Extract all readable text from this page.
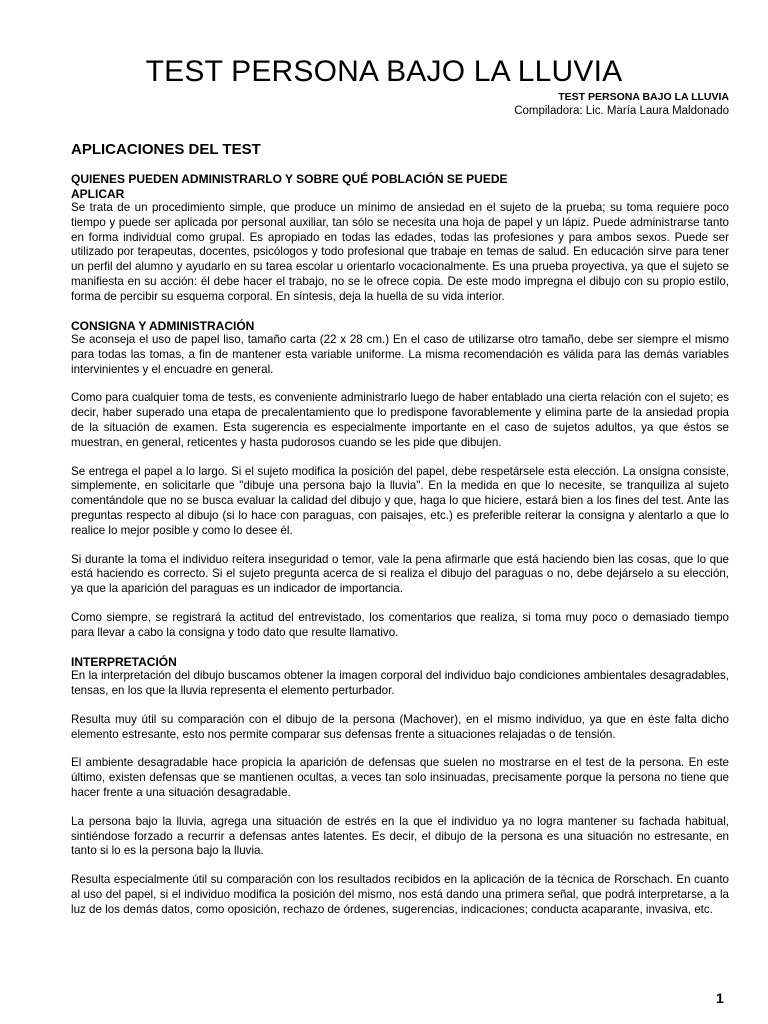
TEST PERSONA BAJO LA LLUVIA
TEST PERSONA BAJO LA LLUVIA
Compiladora: Lic. María Laura Maldonado
APLICACIONES DEL TEST
QUIENES PUEDEN ADMINISTRARLO Y SOBRE QUÉ POBLACIÓN SE PUEDE
APLICAR

Se trata de un procedimiento simple, que produce un mínimo de ansiedad en el sujeto de la prueba; su toma requiere poco tiempo y puede ser aplicada por personal auxiliar, tan sólo se necesita una hoja de papel y un lápiz. Puede administrarse tanto en forma individual como grupal. Es apropiado en todas las edades, todas las profesiones y para ambos sexos. Puede ser utilizado por terapeutas, docentes, psicólogos y todo profesional que trabaje en temas de salud. En educación sirve para tener un perfil del alumno y ayudarlo en su tarea escolar u orientarlo vocacionalmente. Es una prueba proyectiva, ya que el sujeto se manifiesta en su acción: él debe hacer el trabajo, no se le ofrece copia. De este modo impregna el dibujo con su propio estilo, forma de percibir su esquema corporal. En síntesis, deja la huella de su vida interior.

CONSIGNA Y ADMINISTRACIÓN

Se aconseja el uso de papel liso, tamaño carta (22 x 28 cm.) En el caso de utilizarse otro tamaño, debe ser siempre el mismo para todas las tomas, a fin de mantener esta variable uniforme. La misma recomendación es válida para las demás variables intervinientes y el encuadre en general.

Como para cualquier toma de tests, es conveniente administrarlo luego de haber entablado una cierta relación con el sujeto; es decir, haber superado una etapa de precalentamiento que lo predispone favorablemente y elimina parte de la ansiedad propia de la situación de examen. Esta sugerencia es especialmente importante en el caso de sujetos adultos, ya que éstos se muestran, en general, reticentes y hasta pudorosos cuando se les pide que dibujen.

Se entrega el papel a lo largo. Si el sujeto modifica la posición del papel, debe respetársele esta elección. La onsigna consiste, simplemente, en solicitarle que "dibuje una persona bajo la lluvia". En la medida en que lo necesite, se tranquiliza al sujeto comentándole que no se busca evaluar la calidad del dibujo y que, haga lo que hiciere, estará bien a los fines del test. Ante las preguntas respecto al dibujo (si lo hace con paraguas, con paisajes, etc.) es preferible reiterar la consigna y alentarlo a que lo realice lo mejor posible y como lo desee él.

Si durante la toma el individuo reitera inseguridad o temor, vale la pena afirmarle que está haciendo bien las cosas, que lo que está haciendo es correcto. Si el sujeto pregunta acerca de si realiza el dibujo del paraguas o no, debe dejárselo a su elección, ya que la aparición del paraguas es un indicador de importancia.

Como siempre, se registrará la actitud del entrevistado, los comentarios que realiza, si toma muy poco o demasiado tiempo para llevar a cabo la consigna y todo dato que resulte llamativo.

INTERPRETACIÓN

En la interpretación del dibujo buscamos obtener la imagen corporal del individuo bajo condiciones ambientales desagradables, tensas, en los que la lluvia representa el elemento perturbador.

Resulta muy útil su comparación con el dibujo de la persona (Machover), en el mismo individuo, ya que en éste falta dicho elemento estresante, esto nos permite comparar sus defensas frente a situaciones relajadas o de tensión.

El ambiente desagradable hace propicia la aparición de defensas que suelen no mostrarse en el test de la persona. En este último, existen defensas que se mantienen ocultas, a veces tan solo insinuadas, precisamente porque la persona no tiene que hacer frente a una situación desagradable.

La persona bajo la lluvia, agrega una situación de estrés en la que el individuo ya no logra mantener su fachada habitual, sintiéndose forzado a recurrir a defensas antes latentes. Es decir, el dibujo de la persona es una situación no estresante, en tanto si lo es la persona bajo la lluvia.

Resulta especialmente útil su comparación con los resultados recibidos en la aplicación de la técnica de Rorschach. En cuanto al uso del papel, si el individuo modifica la posición del mismo, nos está dando una primera señal, que podrá interpretarse, a la luz de los demás datos, como oposición, rechazo de órdenes, sugerencias, indicaciones; conducta acaparante, invasiva, etc.

1
